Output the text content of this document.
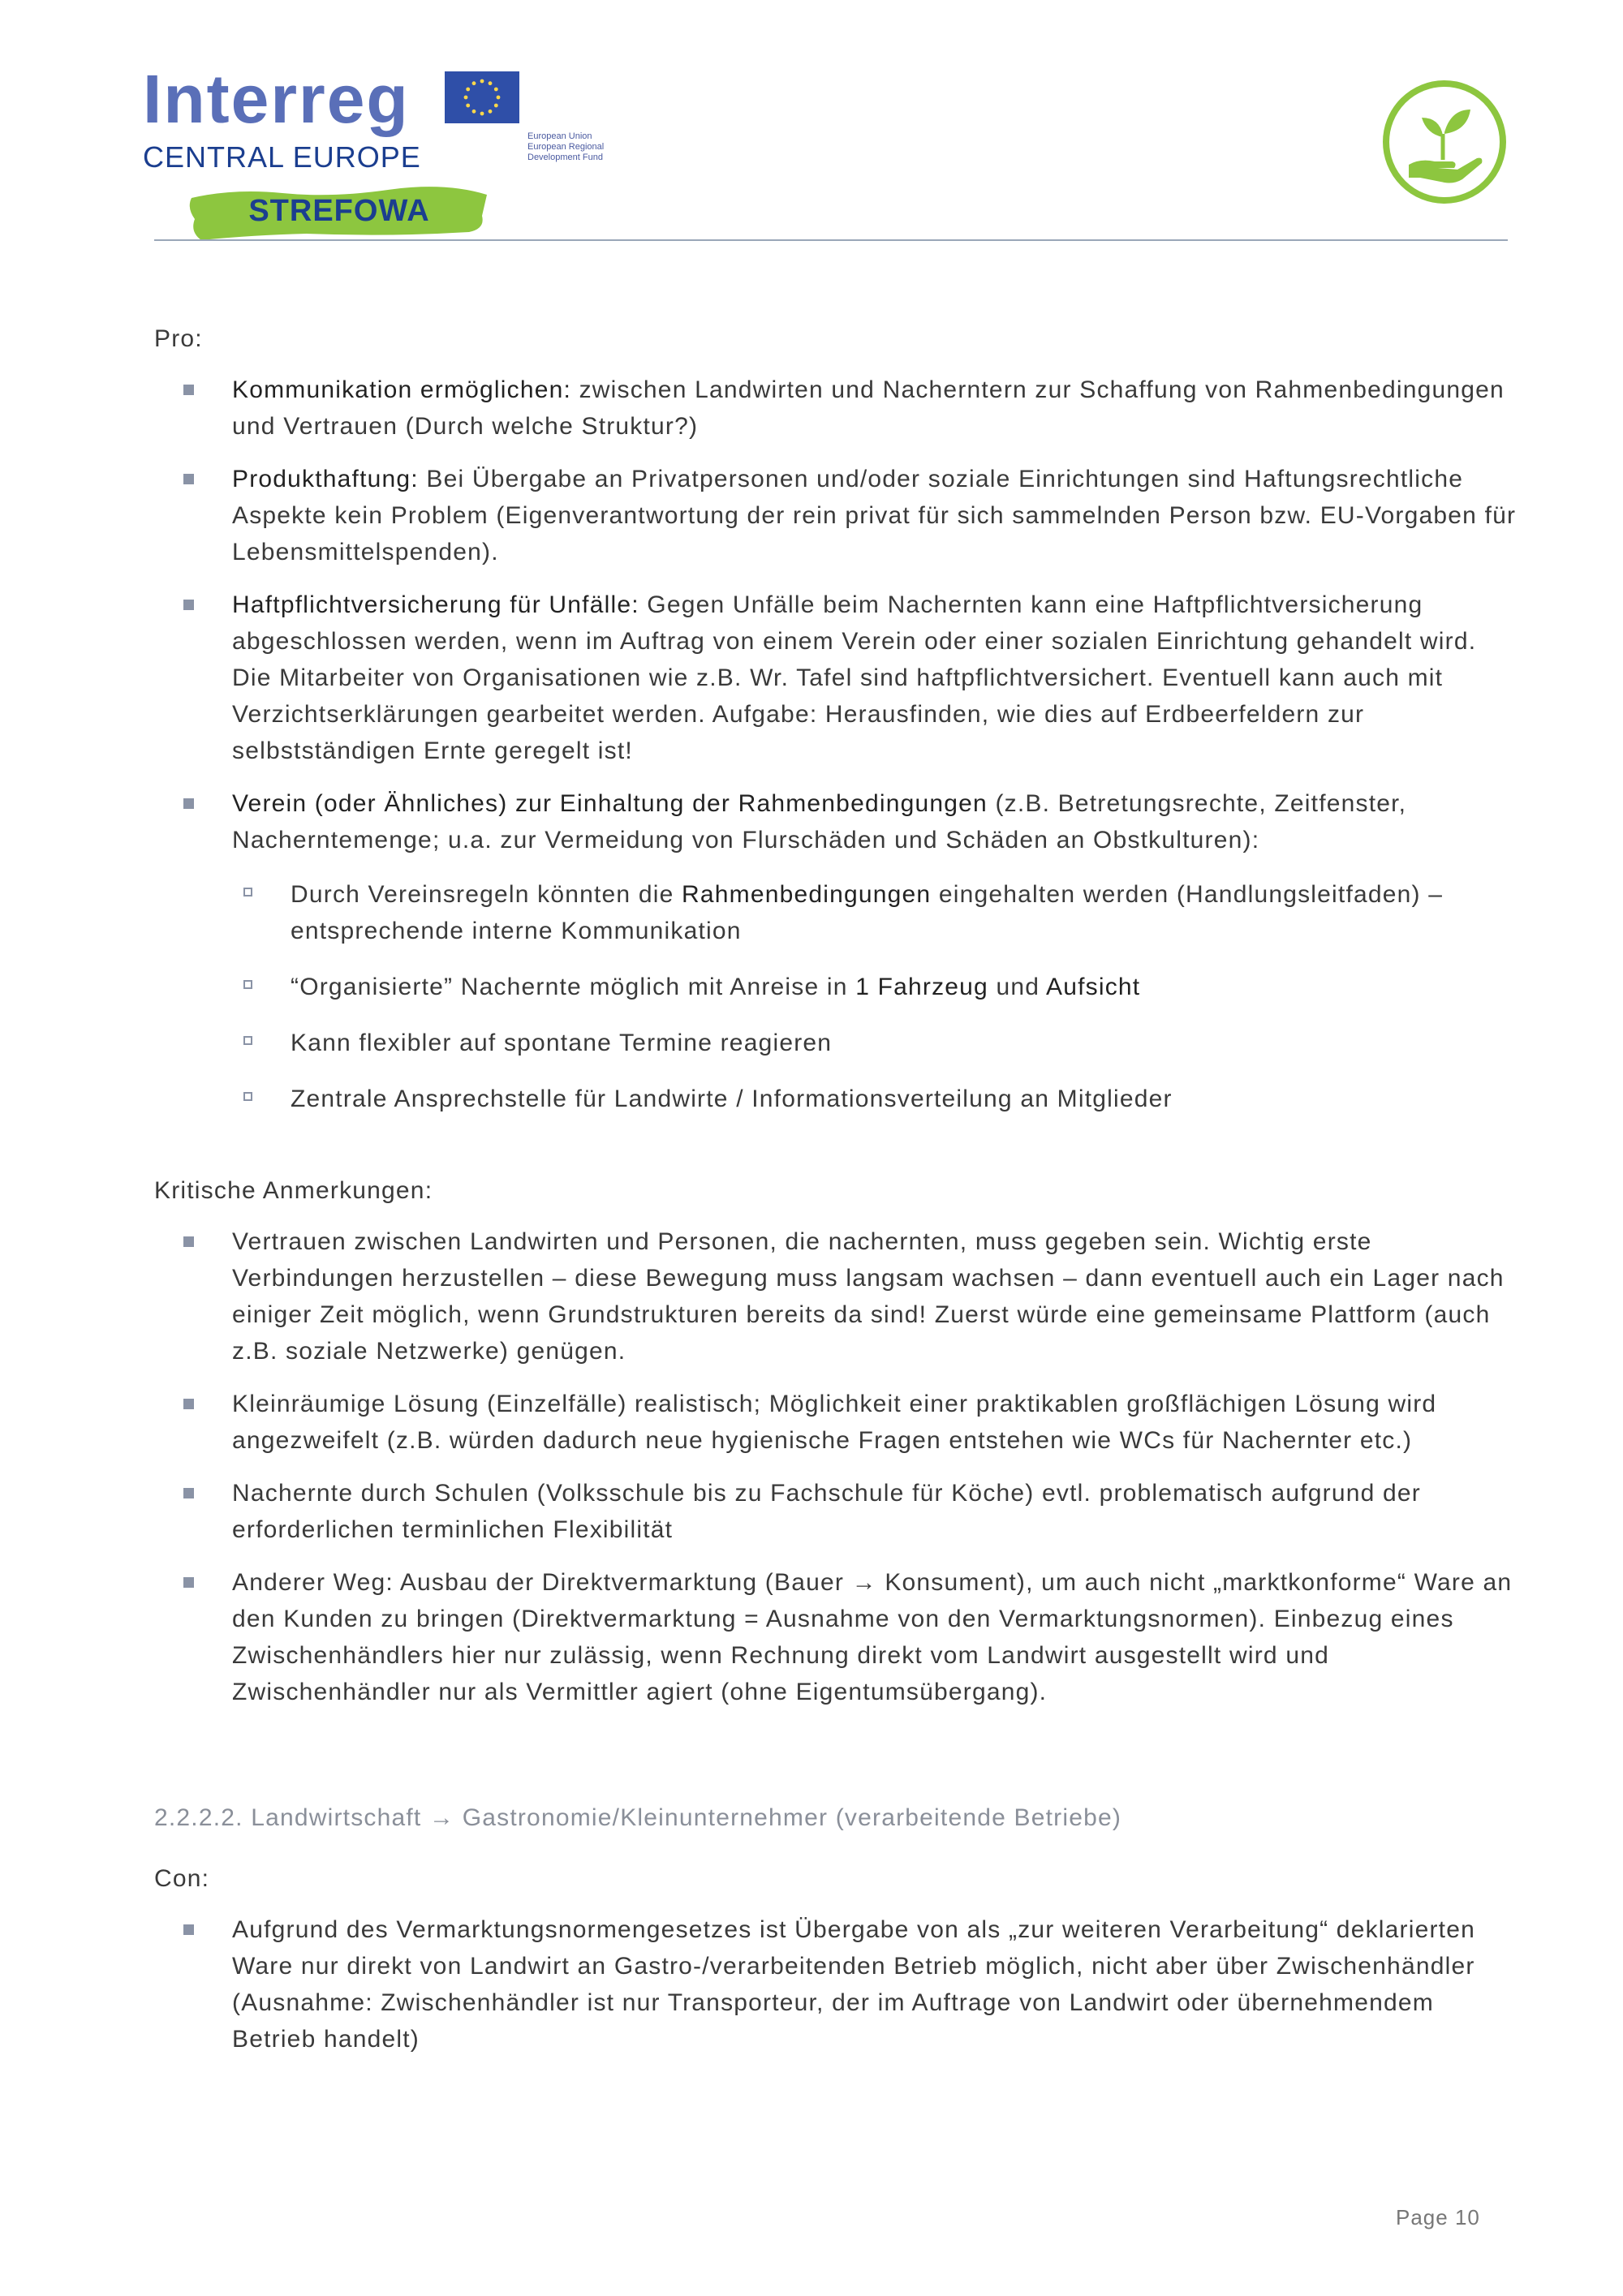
Interreg	European Union
European Regional
Development Fund
CENTRAL EUROPE
STREFOWA

Pro:

Kommunikation ermöglichen: zwischen Landwirten und Nacherntern zur Schaffung von Rahmenbedingungen und Vertrauen (Durch welche Struktur?)
Produkthaftung: Bei Übergabe an Privatpersonen und/oder soziale Einrichtungen sind Haftungsrechtliche Aspekte kein Problem (Eigenverantwortung der rein privat für sich sammelnden Person bzw. EU-Vorgaben für Lebensmittelspenden).
Haftpflichtversicherung für Unfälle: Gegen Unfälle beim Nachernten kann eine Haftpflichtversicherung abgeschlossen werden, wenn im Auftrag von einem Verein oder einer sozialen Einrichtung gehandelt wird. Die Mitarbeiter von Organisationen wie z.B. Wr. Tafel sind haftpflichtversichert. Eventuell kann auch mit Verzichtserklärungen gearbeitet werden. Aufgabe: Herausfinden, wie dies auf Erdbeerfeldern zur selbstständigen Ernte geregelt ist!
Verein (oder Ähnliches) zur Einhaltung der Rahmenbedingungen (z.B. Betretungsrechte, Zeitfenster, Nacherntemenge; u.a. zur Vermeidung von Flurschäden und Schäden an Obstkulturen):
Durch Vereinsregeln könnten die Rahmenbedingungen eingehalten werden (Handlungsleitfaden) – entsprechende interne Kommunikation
“Organisierte” Nachernte möglich mit Anreise in 1 Fahrzeug und Aufsicht
Kann flexibler auf spontane Termine reagieren
Zentrale Ansprechstelle für Landwirte / Informationsverteilung an Mitglieder

Kritische Anmerkungen:

Vertrauen zwischen Landwirten und Personen, die nachernten, muss gegeben sein. Wichtig erste Verbindungen herzustellen – diese Bewegung muss langsam wachsen – dann eventuell auch ein Lager nach einiger Zeit möglich, wenn Grundstrukturen bereits da sind! Zuerst würde eine gemeinsame Plattform (auch z.B. soziale Netzwerke) genügen.
Kleinräumige Lösung (Einzelfälle) realistisch; Möglichkeit einer praktikablen großflächigen Lösung wird angezweifelt (z.B. würden dadurch neue hygienische Fragen entstehen wie WCs für Nachernter etc.)
Nachernte durch Schulen (Volksschule bis zu Fachschule für Köche) evtl. problematisch aufgrund der erforderlichen terminlichen Flexibilität
Anderer Weg: Ausbau der Direktvermarktung (Bauer → Konsument), um auch nicht „marktkonforme“ Ware an den Kunden zu bringen (Direktvermarktung = Ausnahme von den Vermarktungsnormen). Einbezug eines Zwischenhändlers hier nur zulässig, wenn Rechnung direkt vom Landwirt ausgestellt wird und Zwischenhändler nur als Vermittler agiert (ohne Eigentumsübergang).

2.2.2.2. Landwirtschaft → Gastronomie/Kleinunternehmer (verarbeitende Betriebe)

Con:

Aufgrund des Vermarktungsnormengesetzes ist Übergabe von als „zur weiteren Verarbeitung“ deklarierten Ware nur direkt von Landwirt an Gastro-/verarbeitenden Betrieb möglich, nicht aber über Zwischenhändler (Ausnahme: Zwischenhändler ist nur Transporteur, der im Auftrage von Landwirt oder übernehmendem Betrieb handelt)
Page 10
